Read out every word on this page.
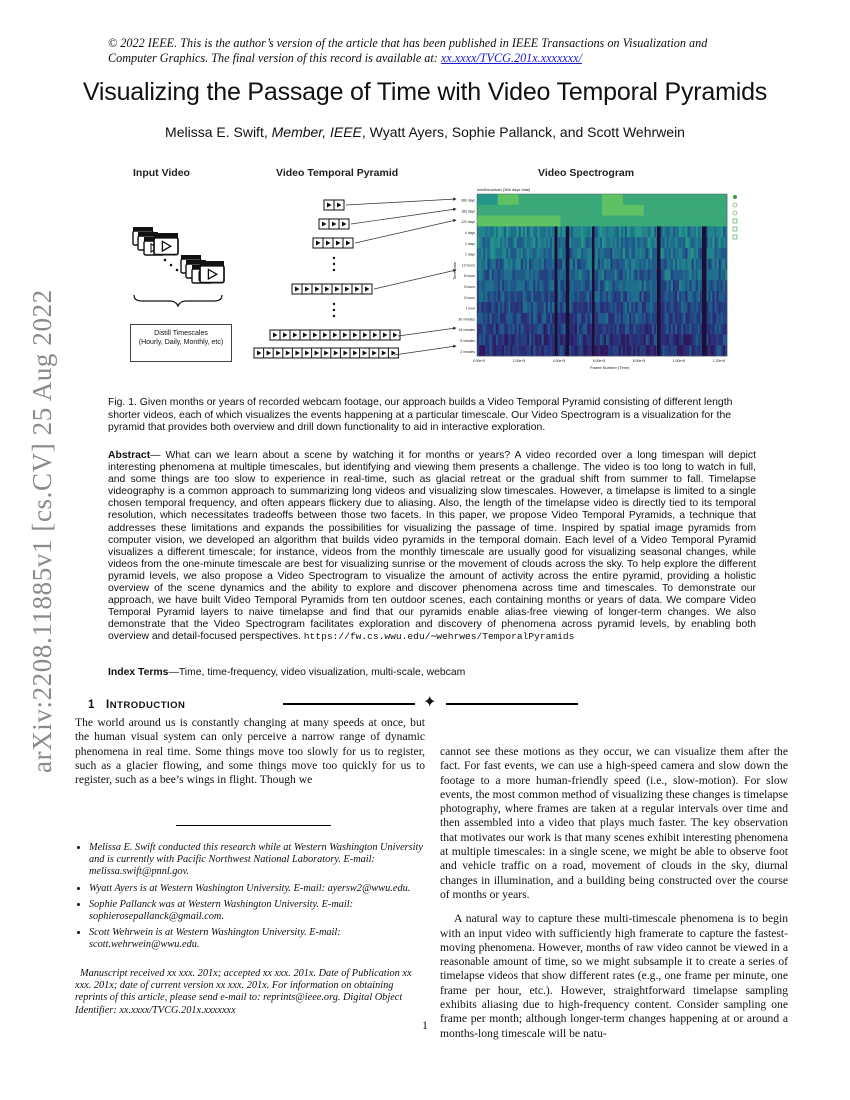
arXiv:2208.11885v1 [cs.CV] 25 Aug 2022
© 2022 IEEE. This is the author’s version of the article that has been published in IEEE Transactions on Visualization and Computer Graphics. The final version of this record is available at: xx.xxxx/TVCG.201x.xxxxxxx/
Visualizing the Passage of Time with Video Temporal Pyramids
Melissa E. Swift, Member, IEEE, Wyatt Ayers, Sophie Pallanck, and Scott Wehrwein
Input Video	Video Temporal Pyramid	Video Spectrogram
windMountain (366 days total)
Timescale
366 days
183 days
122 days
4 days
2 days
1 days
12 hours
6 hours
3 hours
2 hours
1 hour
30 minutes
15 minutes
5 minutes
2 minutes
0.00e+0	2.00e+5	4.00e+5	6.00e+5	8.00e+5	1.00e+6	1.20e+6
Frame Number (Time)
Distill Timescales
(Hourly, Daily, Monthly, etc)
Fig. 1. Given months or years of recorded webcam footage, our approach builds a Video Temporal Pyramid consisting of different length shorter videos, each of which visualizes the events happening at a particular timescale. Our Video Spectrogram is a visualization for the pyramid that provides both overview and drill down functionality to aid in interactive exploration.
Abstract— What can we learn about a scene by watching it for months or years? A video recorded over a long timespan will depict interesting phenomena at multiple timescales, but identifying and viewing them presents a challenge. The video is too long to watch in full, and some things are too slow to experience in real-time, such as glacial retreat or the gradual shift from summer to fall. Timelapse videography is a common approach to summarizing long videos and visualizing slow timescales. However, a timelapse is limited to a single chosen temporal frequency, and often appears flickery due to aliasing. Also, the length of the timelapse video is directly tied to its temporal resolution, which necessitates tradeoffs between those two facets. In this paper, we propose Video Temporal Pyramids, a technique that addresses these limitations and expands the possibilities for visualizing the passage of time. Inspired by spatial image pyramids from computer vision, we developed an algorithm that builds video pyramids in the temporal domain. Each level of a Video Temporal Pyramid visualizes a different timescale; for instance, videos from the monthly timescale are usually good for visualizing seasonal changes, while videos from the one-minute timescale are best for visualizing sunrise or the movement of clouds across the sky. To help explore the different pyramid levels, we also propose a Video Spectrogram to visualize the amount of activity across the entire pyramid, providing a holistic overview of the scene dynamics and the ability to explore and discover phenomena across time and timescales. To demonstrate our approach, we have built Video Temporal Pyramids from ten outdoor scenes, each containing months or years of data. We compare Video Temporal Pyramid layers to naive timelapse and find that our pyramids enable alias-free viewing of longer-term changes. We also demonstrate that the Video Spectrogram facilitates exploration and discovery of phenomena across pyramid levels, by enabling both overview and detail-focused perspectives. https://fw.cs.wwu.edu/∼wehrwes/TemporalPyramids
Index Terms—Time, time-frequency, video visualization, multi-scale, webcam
✦
1 INTRODUCTION

The world around us is constantly changing at many speeds at once, but the human visual system can only perceive a narrow range of dynamic phenomena in real time. Some things move too slowly for us to register, such as a glacier flowing, and some things move too quickly for us to register, such as a bee’s wings in flight. Though we

• Melissa E. Swift conducted this research while at Western Washington University and is currently with Pacific Northwest National Laboratory. E-mail: melissa.swift@pnnl.gov.
• Wyatt Ayers is at Western Washington University. E-mail: ayersw2@wwu.edu.
• Sophie Pallanck was at Western Washington University. E-mail: sophierosepallanck@gmail.com.
• Scott Wehrwein is at Western Washington University. E-mail: scott.wehrwein@wwu.edu.
Manuscript received xx xxx. 201x; accepted xx xxx. 201x. Date of Publication xx xxx. 201x; date of current version xx xxx. 201x. For information on obtaining reprints of this article, please send e-mail to: reprints@ieee.org. Digital Object Identifier: xx.xxxx/TVCG.201x.xxxxxxx

cannot see these motions as they occur, we can visualize them after the fact. For fast events, we can use a high-speed camera and slow down the footage to a more human-friendly speed (i.e., slow-motion). For slow events, the most common method of visualizing these changes is timelapse photography, where frames are taken at a regular intervals over time and then assembled into a video that plays much faster. The key observation that motivates our work is that many scenes exhibit interesting phenomena at multiple timescales: in a single scene, we might be able to observe foot and vehicle traffic on a road, movement of clouds in the sky, diurnal changes in illumination, and a building being constructed over the course of months or years.

A natural way to capture these multi-timescale phenomena is to begin with an input video with sufficiently high framerate to capture the fastest-moving phenomena. However, months of raw video cannot be viewed in a reasonable amount of time, so we might subsample it to create a series of timelapse videos that show different rates (e.g., one frame per minute, one frame per hour, etc.). However, straightforward timelapse sampling exhibits aliasing due to high-frequency content. Consider sampling one frame per month; although longer-term changes happening at or around a months-long timescale will be natu-

1
